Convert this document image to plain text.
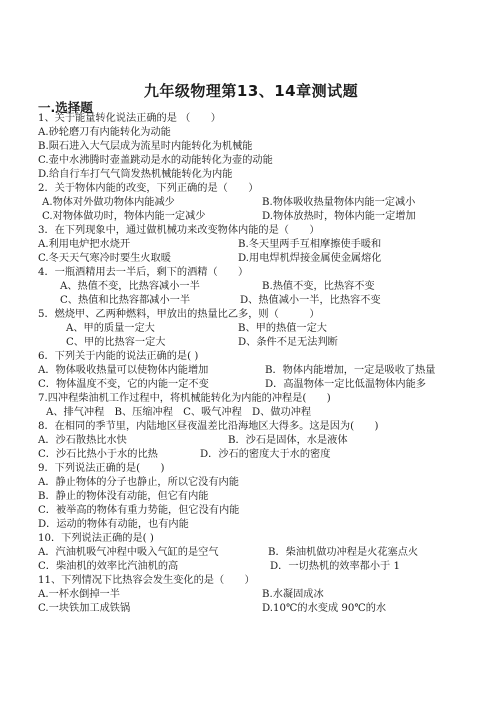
九年级物理第13、14章测试题
一.选择题
1、关于能量转化说法正确的是 （　　）
A.砂轮磨刀有内能转化为动能
B.陨石进入大气层成为流星时内能转化为机械能
C.壶中水沸腾时壶盖跳动是水的动能转化为壶的动能
D.给自行车打气气筒发热机械能转化为内能
2．关于物体内能的改变，下列正确的是（　　）
A.物体对外做功物体内能减少	B.物体吸收热量物体内能一定减小
C.对物体做功时，物体内能一定减少	D.物体放热时，物体内能一定增加
3．在下列现象中，通过做机械功来改变物体内能的是（　　）
A.利用电炉把水烧开	B.冬天里两手互相摩擦使手暖和
C.冬天天气寒冷时要生火取暖	D.用电焊机焊接金属使金属熔化
4．一瓶酒精用去一半后，剩下的酒精（　　）
A、热值不变，比热容减小一半	B.热值不变，比热容不变
C、热值和比热容都减小一半	D、热值减小一半，比热容不变
5．燃烧甲、乙两种燃料，甲放出的热量比乙多，则（　　　）
A、甲的质量一定大	B、甲的热值一定大
C、甲的比热容一定大	D、条件不足无法判断
6．下列关于内能的说法正确的是( )
A．物体吸收热量可以使物体内能增加	B．物体内能增加，一定是吸收了热量
C．物体温度不变，它的内能一定不变	D．高温物体一定比低温物体内能多
7.四冲程柴油机工作过程中，将机械能转化为内能的冲程是(　　)
A、排气冲程　B、压缩冲程　C、吸气冲程　D、做功冲程
8．在相同的季节里，内陆地区昼夜温差比沿海地区大得多。这是因为(　　)
A．沙石散热比水快	B．沙石是固体，水是液体
C．沙石比热小于水的比热	D．沙石的密度大于水的密度
9．下列说法正确的是(　　)
A．静止物体的分子也静止，所以它没有内能
B．静止的物体没有动能，但它有内能
C．被举高的物体有重力势能，但它没有内能
D．运动的物体有动能，也有内能
10．下列说法正确的是( )
A．汽油机吸气冲程中吸入气缸的是空气	B．柴油机做功冲程是火花塞点火
C．柴油机的效率比汽油机的高	D．一切热机的效率都小于 1
11、下列情况下比热容会发生变化的是（　　）
A.一杯水倒掉一半	B.水凝固成冰
C.一块铁加工成铁锅	D.10℃的水变成 90℃的水
